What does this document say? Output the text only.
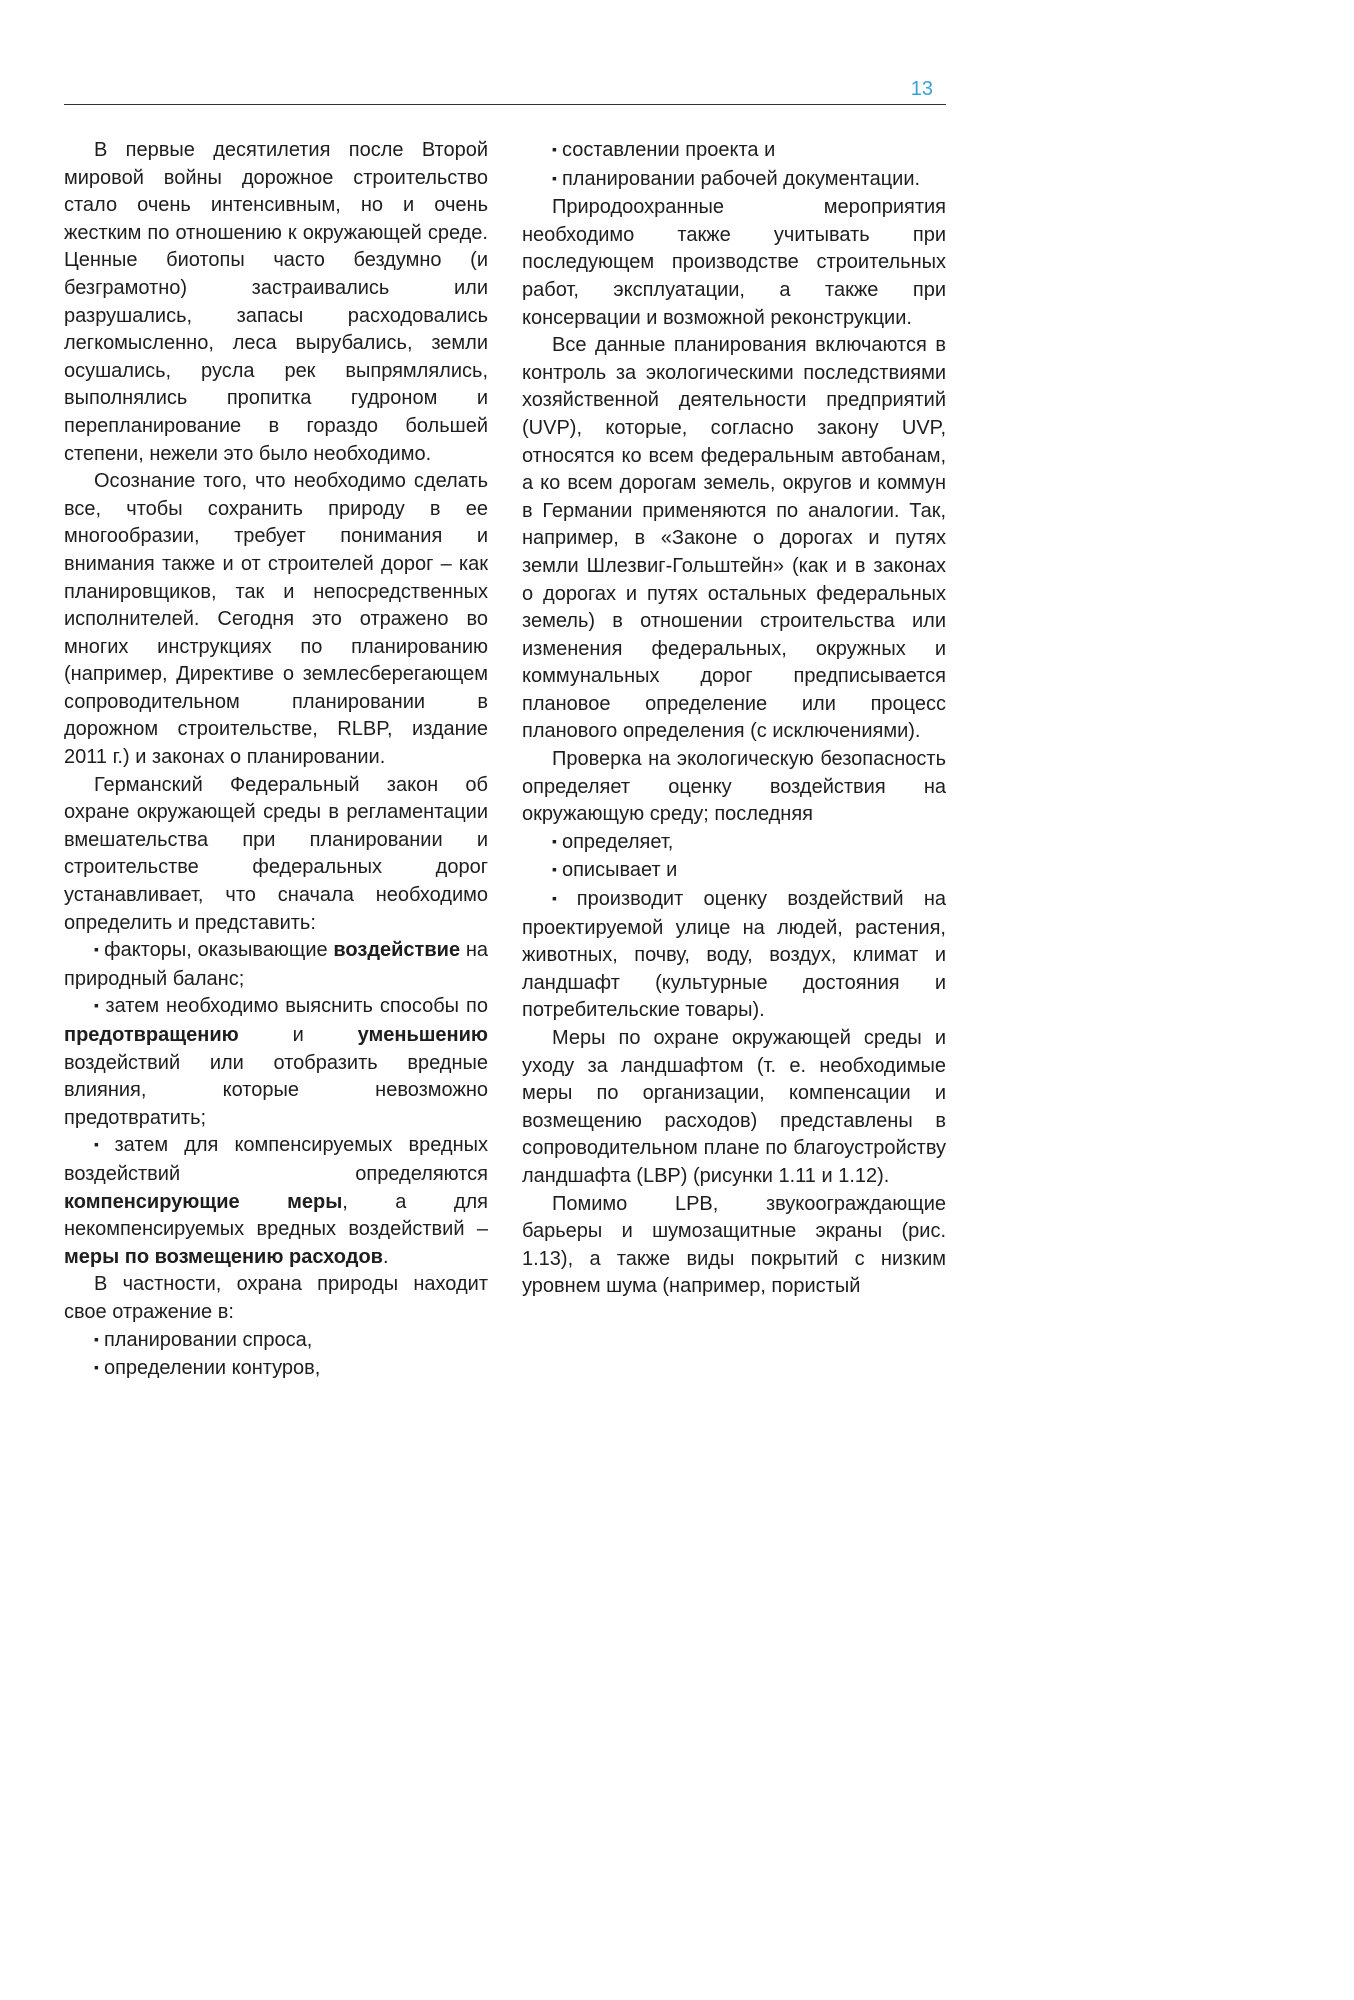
13

В первые десятилетия после Второй мировой войны дорожное строительство стало очень интенсивным, но и очень жестким по отношению к окружающей среде. Ценные биотопы часто бездумно (и безграмотно) застраивались или разрушались, запасы расходовались легкомысленно, леса вырубались, земли осушались, русла рек выпрямлялись, выполнялись пропитка гудроном и перепланирование в гораздо большей степени, нежели это было необходимо.

Осознание того, что необходимо сделать все, чтобы сохранить природу в ее многообразии, требует понимания и внимания также и от строителей дорог – как планировщиков, так и непосредственных исполнителей. Сегодня это отражено во многих инструкциях по планированию (например, Директиве о землесберегающем сопроводительном планировании в дорожном строительстве, RLBP, издание 2011 г.) и законах о планировании.

Германский Федеральный закон об охране окружающей среды в регламентации вмешательства при планировании и строительстве федеральных дорог устанавливает, что сначала необходимо определить и представить:

▪ факторы, оказывающие воздействие на природный баланс;
▪ затем необходимо выяснить способы по предотвращению и уменьшению воздействий или отобразить вредные влияния, которые невозможно предотвратить;
▪ затем для компенсируемых вредных воздействий определяются компенсирующие меры, а для некомпенсируемых вредных воздействий – меры по возмещению расходов.

В частности, охрана природы находит свое отражение в:

▪ планировании спроса,
▪ определении контуров,
▪ составлении проекта и
▪ планировании рабочей документации.

Природоохранные мероприятия необходимо также учитывать при последующем производстве строительных работ, эксплуатации, а также при консервации и возможной реконструкции.

Все данные планирования включаются в контроль за экологическими последствиями хозяйственной деятельности предприятий (UVP), которые, согласно закону UVP, относятся ко всем федеральным автобанам, а ко всем дорогам земель, округов и коммун в Германии применяются по аналогии. Так, например, в «Законе о дорогах и путях земли Шлезвиг-Гольштейн» (как и в законах о дорогах и путях остальных федеральных земель) в отношении строительства или изменения федеральных, окружных и коммунальных дорог предписывается плановое определение или процесс планового определения (с исключениями).

Проверка на экологическую безопасность определяет оценку воздействия на окружающую среду; последняя

▪ определяет,
▪ описывает и
▪ производит оценку воздействий на проектируемой улице на людей, растения, животных, почву, воду, воздух, климат и ландшафт (культурные достояния и потребительские товары).

Меры по охране окружающей среды и уходу за ландшафтом (т. е. необходимые меры по организации, компенсации и возмещению расходов) представлены в сопроводительном плане по благоустройству ландшафта (LBP) (рисунки 1.11 и 1.12).

Помимо LPB, звукоограждающие барьеры и шумозащитные экраны (рис. 1.13), а также виды покрытий с низким уровнем шума (например, пористый
